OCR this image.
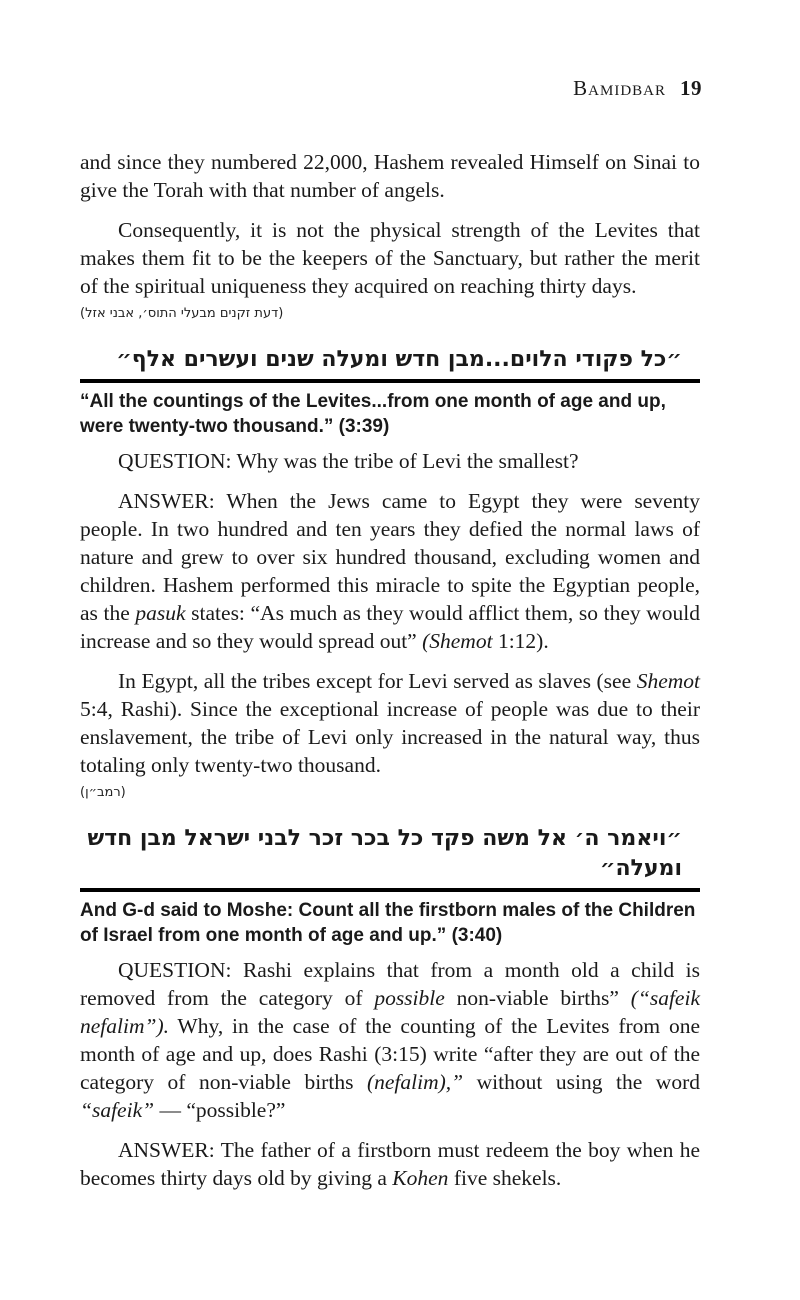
Bamidbar 19

and since they numbered 22,000, Hashem revealed Himself on Sinai to give the Torah with that number of angels.

Consequently, it is not the physical strength of the Levites that makes them fit to be the keepers of the Sanctuary, but rather the merit of the spiritual uniqueness they acquired on reaching thirty days.

(דעת זקנים מבעלי התוס׳, אבני אזל)
״כל פקודי הלוים...מבן חדש ומעלה שנים ועשרים אלף״
“All the countings of the Levites...from one month of age and up, were twenty-two thousand.” (3:39)

QUESTION: Why was the tribe of Levi the smallest?

ANSWER: When the Jews came to Egypt they were seventy people. In two hundred and ten years they defied the normal laws of nature and grew to over six hundred thousand, excluding women and children. Hashem performed this miracle to spite the Egyptian people, as the pasuk states: “As much as they would afflict them, so they would increase and so they would spread out” (Shemot 1:12).

In Egypt, all the tribes except for Levi served as slaves (see Shemot 5:4, Rashi). Since the exceptional increase of people was due to their enslavement, the tribe of Levi only increased in the natural way, thus totaling only twenty-two thousand.

(רמב״ן)
״ויאמר ה׳ אל משה פקד כל בכר זכר לבני ישראל מבן חדש ומעלה״
And G-d said to Moshe: Count all the firstborn males of the Children of Israel from one month of age and up.” (3:40)

QUESTION: Rashi explains that from a month old a child is removed from the category of possible non-viable births” (“safeik nefalim”). Why, in the case of the counting of the Levites from one month of age and up, does Rashi (3:15) write “after they are out of the category of non-viable births (nefalim),” without using the word “safeik” — “possible?”

ANSWER: The father of a firstborn must redeem the boy when he becomes thirty days old by giving a Kohen five shekels.
